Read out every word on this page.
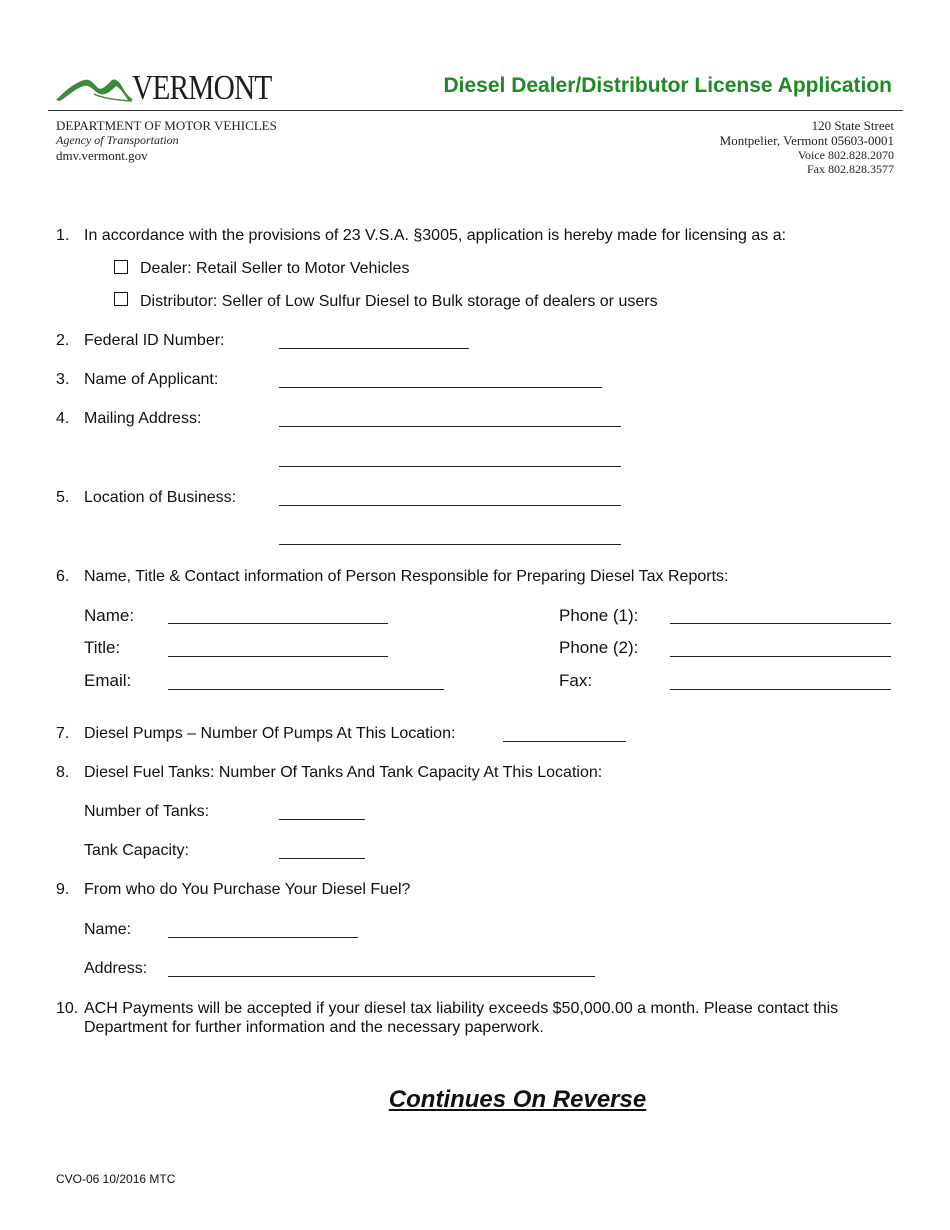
VERMONT	Diesel Dealer/Distributor License Application
DEPARTMENT OF MOTOR VEHICLES
Agency of Transportation
dmv.vermont.gov
120 State Street
Montpelier, Vermont 05603-0001
Voice 802.828.2070
Fax 802.828.3577
1. In accordance with the provisions of 23 V.S.A. §3005, application is hereby made for licensing as a:
Dealer: Retail Seller to Motor Vehicles
Distributor: Seller of Low Sulfur Diesel to Bulk storage of dealers or users
2. Federal ID Number:
3. Name of Applicant:
4. Mailing Address:
5. Location of Business:
6. Name, Title & Contact information of Person Responsible for Preparing Diesel Tax Reports:
Name:
Title:
Email:
Phone (1):
Phone (2):
Fax:
7. Diesel Pumps – Number Of Pumps At This Location:
8. Diesel Fuel Tanks: Number Of Tanks And Tank Capacity At This Location:
Number of Tanks:
Tank Capacity:
9. From who do You Purchase Your Diesel Fuel?
Name:
Address:
10. ACH Payments will be accepted if your diesel tax liability exceeds $50,000.00 a month. Please contact this
Department for further information and the necessary paperwork.
Continues On Reverse
CVO-06 10/2016 MTC
